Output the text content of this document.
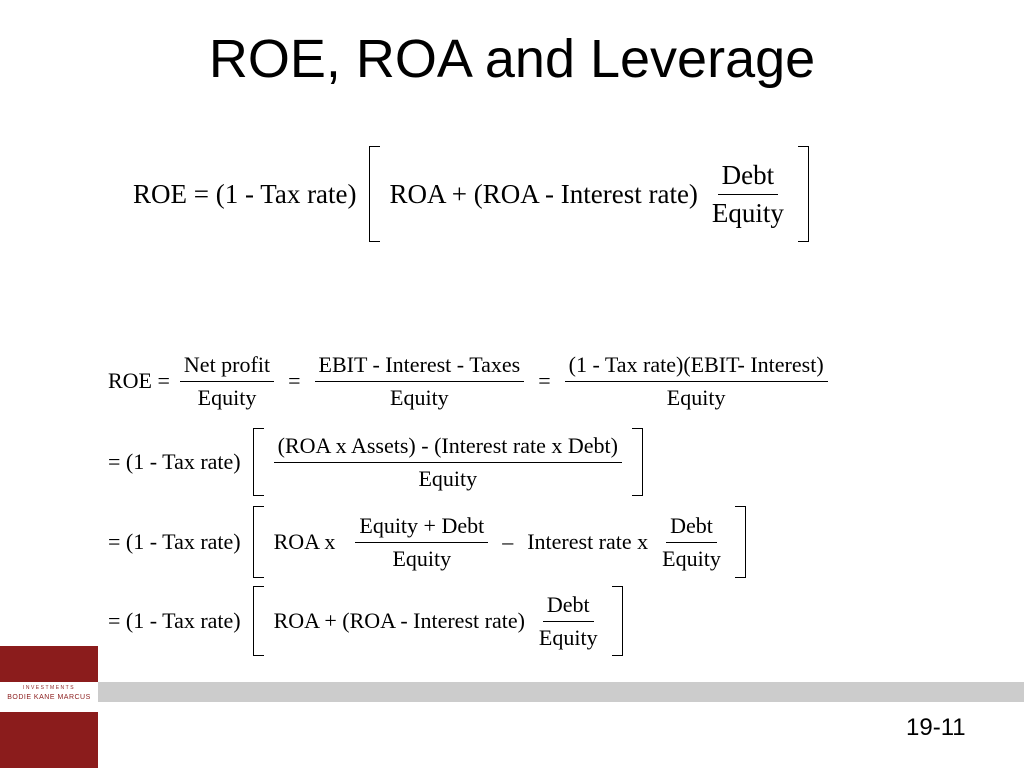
ROE, ROA and Leverage
ROE = (1 - Tax rate) ROA + (ROA - Interest rate) $\frac{\text{Debt}}{\text{Equity}}$
ROE = $\frac{\text{Net profit}}{\text{Equity}} = \frac{\text{EBIT - Interest - Taxes}}{\text{Equity}} = \frac{\text{(1 - Tax rate)(EBIT- Interest)}}{\text{Equity}}$
= (1 - Tax rate) $\frac{\text{(ROA x Assets) - (Interest rate x Debt)}}{\text{Equity}}$
= (1 - Tax rate) ROA x $\frac{\text{Equity + Debt}}{\text{Equity}}$ – Interest rate x $\frac{\text{Debt}}{\text{Equity}}$
= (1 - Tax rate) ROA + (ROA - Interest rate) $\frac{\text{Debt}}{\text{Equity}}$
INVESTMENTS
BODIE KANE MARCUS
19-11
